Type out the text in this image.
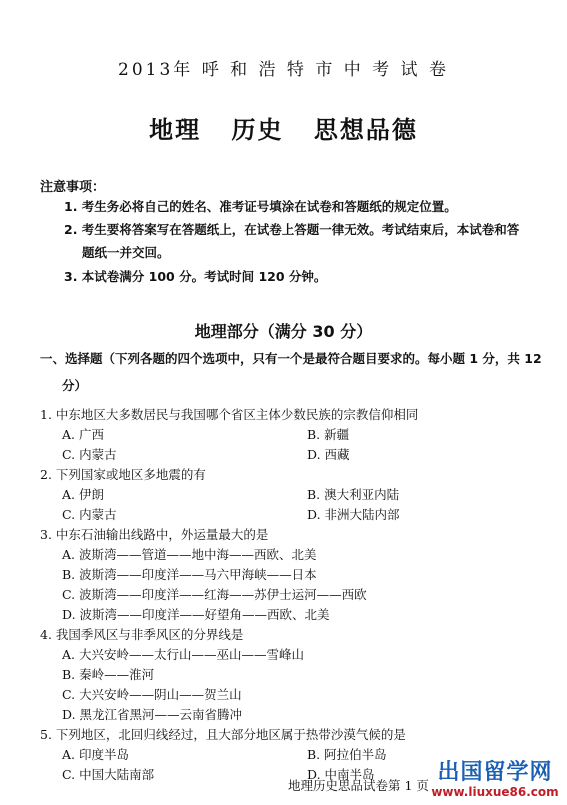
2013年 呼 和 浩 特 市 中 考 试 卷
地理 历史 思想品德
注意事项：
1. 考生务必将自己的姓名、准考证号填涂在试卷和答题纸的规定位置。
2. 考生要将答案写在答题纸上，在试卷上答题一律无效。考试结束后，本试卷和答
题纸一并交回。
3. 本试卷满分 100 分。考试时间 120 分钟。
地理部分（满分 30 分）
一、选择题（下列各题的四个选项中，只有一个是最符合题目要求的。每小题 1 分，共 12
分）
1. 中东地区大多数居民与我国哪个省区主体少数民族的宗教信仰相同
A. 广西	B. 新疆
C. 内蒙古	D. 西藏
2. 下列国家或地区多地震的有
A. 伊朗	B. 澳大利亚内陆
C. 内蒙古	D. 非洲大陆内部
3. 中东石油输出线路中，外运量最大的是
A. 波斯湾——管道——地中海——西欧、北美
B. 波斯湾——印度洋——马六甲海峡——日本
C. 波斯湾——印度洋——红海——苏伊士运河——西欧
D. 波斯湾——印度洋——好望角——西欧、北美
4. 我国季风区与非季风区的分界线是
A. 大兴安岭——太行山——巫山——雪峰山
B. 秦岭——淮河
C. 大兴安岭——阴山——贺兰山
D. 黑龙江省黑河——云南省腾冲
5. 下列地区，北回归线经过，且大部分地区属于热带沙漠气候的是
A. 印度半岛	B. 阿拉伯半岛
C. 中国大陆南部	D. 中南半岛
地理历史思品试卷第 1 页
出国留学网
www.liuxue86.com
